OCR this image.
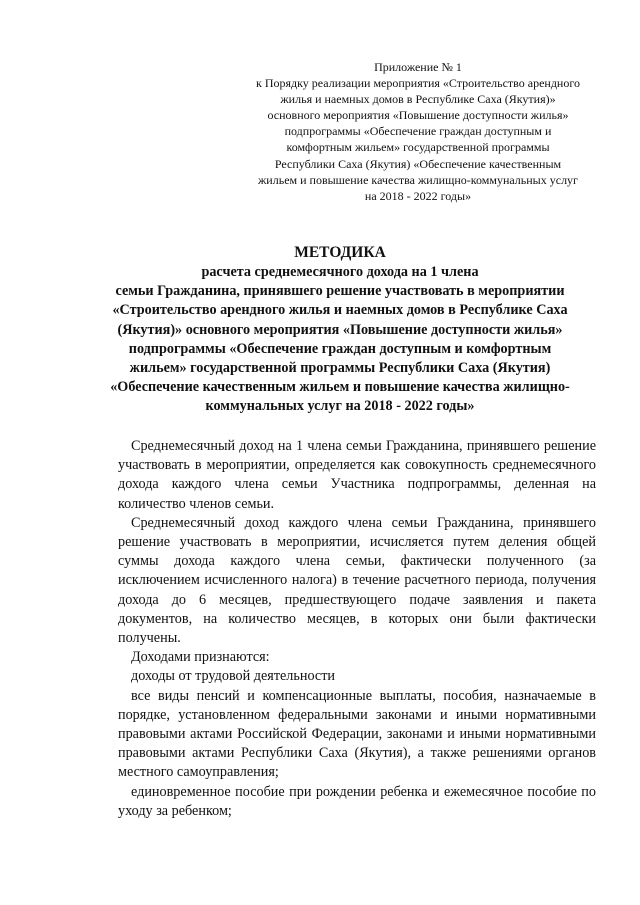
Приложение № 1
к Порядку реализации мероприятия «Строительство арендного
жилья и наемных домов в Республике Саха (Якутия)»
основного мероприятия «Повышение доступности жилья»
подпрограммы «Обеспечение граждан доступным и
комфортным жильем» государственной программы
Республики Саха (Якутия) «Обеспечение качественным
жильем и повышение качества жилищно-коммунальных услуг
на 2018 - 2022 годы»
МЕТОДИКА
расчета среднемесячного дохода на 1 члена
семьи Гражданина, принявшего решение участвовать в мероприятии
«Строительство арендного жилья и наемных домов в Республике Саха
(Якутия)» основного мероприятия «Повышение доступности жилья»
подпрограммы «Обеспечение граждан доступным и комфортным
жильем» государственной программы Республики Саха (Якутия)
«Обеспечение качественным жильем и повышение качества жилищно-
коммунальных услуг на 2018 - 2022 годы»

Среднемесячный доход на 1 члена семьи Гражданина, принявшего решение участвовать в мероприятии, определяется как совокупность среднемесячного дохода каждого члена семьи Участника подпрограммы, деленная на количество членов семьи.

Среднемесячный доход каждого члена семьи Гражданина, принявшего решение участвовать в мероприятии, исчисляется путем деления общей суммы дохода каждого члена семьи, фактически полученного (за исключением исчисленного налога) в течение расчетного периода, получения дохода до 6 месяцев, предшествующего подаче заявления и пакета документов, на количество месяцев, в которых они были фактически получены.

Доходами признаются:

доходы от трудовой деятельности

все виды пенсий и компенсационные выплаты, пособия, назначаемые в порядке, установленном федеральными законами и иными нормативными правовыми актами Российской Федерации, законами и иными нормативными правовыми актами Республики Саха (Якутия), а также решениями органов местного самоуправления;

единовременное пособие при рождении ребенка и ежемесячное пособие по уходу за ребенком;
